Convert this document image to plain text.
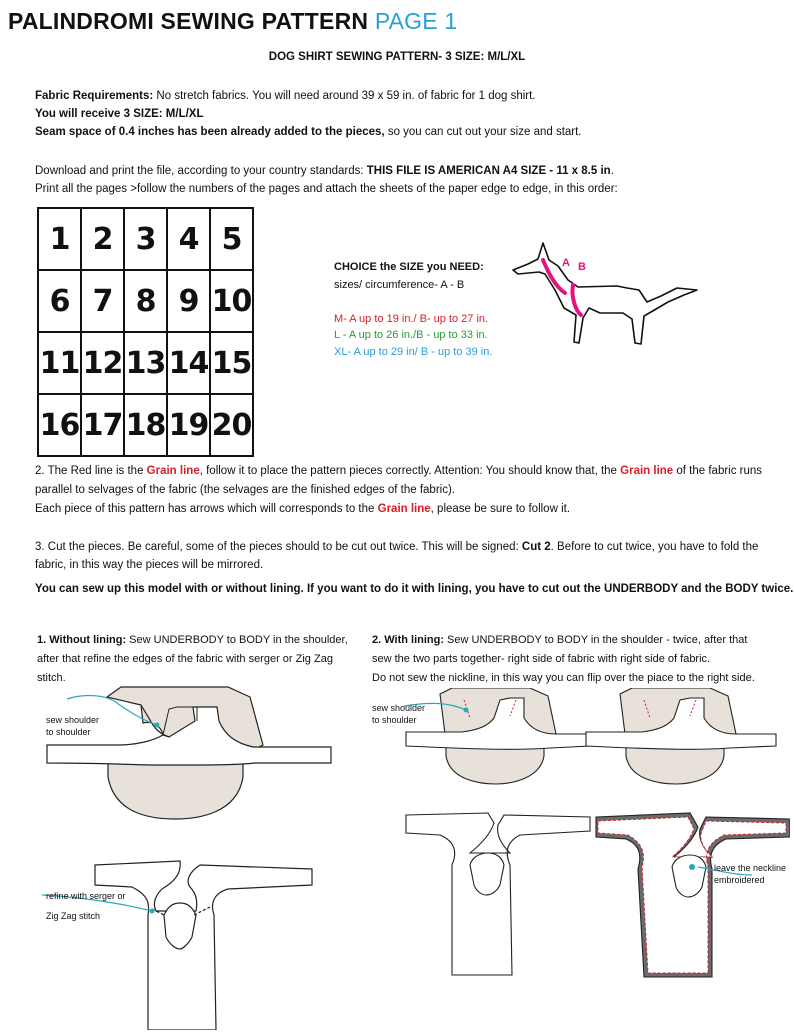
PALINDROMI SEWING PATTERN PAGE 1
DOG SHIRT SEWING PATTERN- 3 SIZE: M/L/XL
Fabric Requirements: No stretch fabrics. You will need around 39 x 59 in. of fabric for 1 dog shirt.
You will receive 3 SIZE: M/L/XL
Seam space of 0.4 inches has been already added to the pieces, so you can cut out your size and start.
Download and print the file, according to your country standards: THIS FILE IS AMERICAN A4 SIZE - 11 x 8.5 in.
Print all the pages >follow the numbers of the pages and attach the sheets of the paper edge to edge, in this order:
1	2	3	4	5
6	7	8	9	10
11	12	13	14	15
16	17	18	19	20
CHOICE the SIZE you NEED:
sizes/ circumference- A - B
M- A up to 19 in./ B- up to 27 in.
L - A up to 26 in./B - up to 33 in.
XL- A up to 29 in/ B - up to 39 in.
A B
2. The Red line is the Grain line, follow it to place the pattern pieces correctly. Attention: You should know that, the Grain line of the fabric runs
parallel to selvages of the fabric (the selvages are the finished edges of the fabric).
Each piece of this pattern has arrows which will corresponds to the Grain line, please be sure to follow it.
3. Cut the pieces. Be careful, some of the pieces should to be cut out twice. This will be signed: Cut 2. Before to cut twice, you have to fold the
fabric, in this way the pieces will be mirrored.
You can sew up this model with or without lining. If you want to do it with lining, you have to cut out the UNDERBODY and the BODY twice.
1. Without lining: Sew UNDERBODY to BODY in the shoulder,
after that refine the edges of the fabric with serger or Zig Zag
stitch.
2. With lining: Sew UNDERBODY to BODY in the shoulder - twice, after that
sew the two parts together- right side of fabric with right side of fabric.
Do not sew the nickline, in this way you can flip over the piace to the right side.
sew shoulder
to shoulder
refine with serger or
Zig Zag stitch
sew shoulder
to shoulder
leave the neckline
embroidered
